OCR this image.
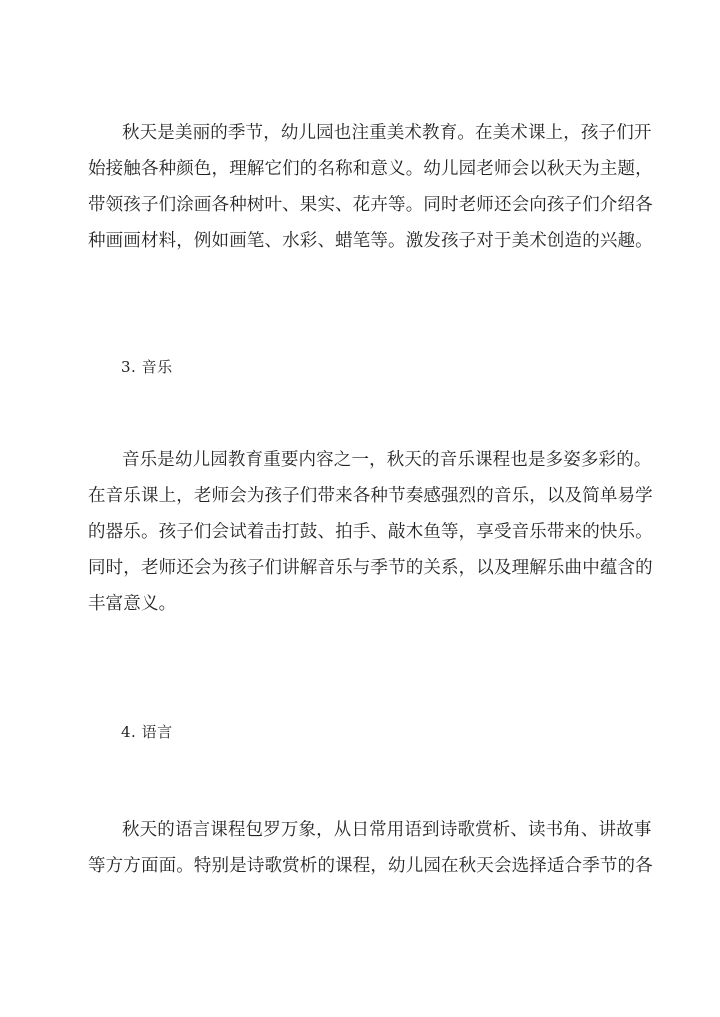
秋天是美丽的季节，幼儿园也注重美术教育。在美术课上，孩子们开
始接触各种颜色，理解它们的名称和意义。幼儿园老师会以秋天为主题，
带领孩子们涂画各种树叶、果实、花卉等。同时老师还会向孩子们介绍各
种画画材料，例如画笔、水彩、蜡笔等。激发孩子对于美术创造的兴趣。
3. 音乐
音乐是幼儿园教育重要内容之一，秋天的音乐课程也是多姿多彩的。
在音乐课上，老师会为孩子们带来各种节奏感强烈的音乐，以及简单易学
的器乐。孩子们会试着击打鼓、拍手、敲木鱼等，享受音乐带来的快乐。
同时，老师还会为孩子们讲解音乐与季节的关系，以及理解乐曲中蕴含的
丰富意义。
4. 语言
秋天的语言课程包罗万象，从日常用语到诗歌赏析、读书角、讲故事
等方方面面。特别是诗歌赏析的课程，幼儿园在秋天会选择适合季节的各
